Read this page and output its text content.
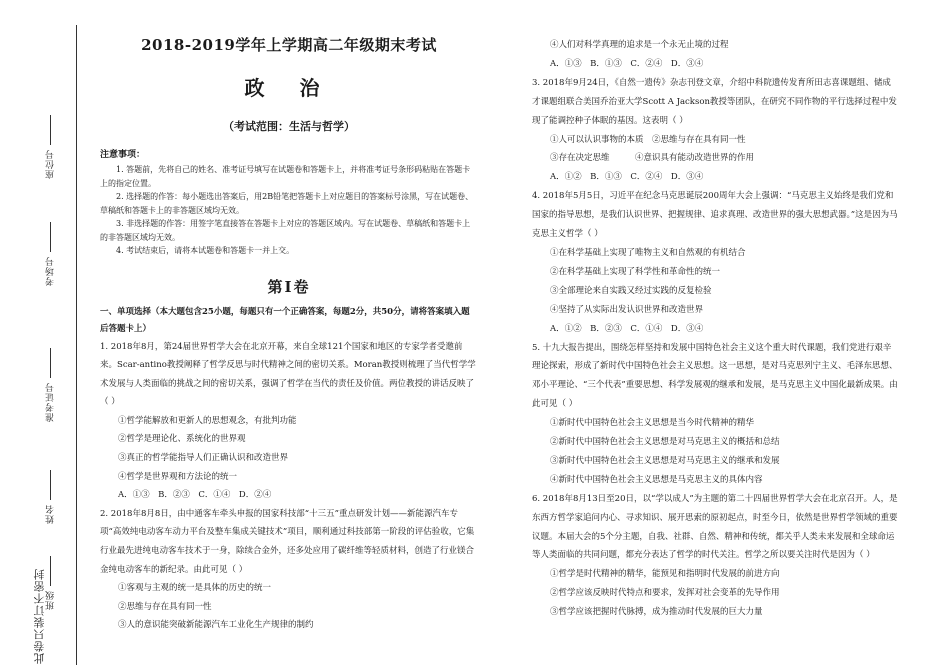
座位号
考场号
准考证号
姓名
班级
此卷只装订不密封
2018-2019学年上学期高二年级期末考试
政 治
（考试范围：生活与哲学）
注意事项：

1. 答题前，先将自己的姓名、准考证号填写在试题卷和答题卡上，并将准考证号条形码粘贴在答题卡上的指定位置。

2. 选择题的作答：每小题选出答案后，用2B铅笔把答题卡上对应题目的答案标号涂黑，写在试题卷、草稿纸和答题卡上的非答题区域均无效。

3. 非选择题的作答：用签字笔直接答在答题卡上对应的答题区域内。写在试题卷、草稿纸和答题卡上的非答题区域均无效。

4. 考试结束后，请将本试题卷和答题卡一并上交。

第Ⅰ卷
一、单项选择（本大题包含25小题，每题只有一个正确答案，每题2分，共50分，请将答案填入题后答题卡上）

1. 2018年8月，第24届世界哲学大会在北京开幕，来自全球121个国家和地区的专家学者受邀前来。Scar-antino教授阐释了哲学反思与时代精神之间的密切关系。Moran教授则梳理了当代哲学学术发展与人类面临的挑战之间的密切关系，强调了哲学在当代的责任及价值。两位教授的讲话反映了（ ）

①哲学能解放和更新人的思想观念，有批判功能
②哲学是理论化、系统化的世界观
③真正的哲学能指导人们正确认识和改造世界
④哲学是世界观和方法论的统一
A．①③　B．②③　C．①④　D．②④

2. 2018年8月8日，由中通客车牵头申报的国家科技部“十三五”重点研发计划——新能源汽车专项“高效纯电动客车动力平台及整车集成关键技术”项目，顺利通过科技部第一阶段的评估验收，它集行业最先进纯电动客车技术于一身，除续合金外，还多处应用了碳纤维等轻质材料，创造了行业镁合金纯电动客车的新纪录。由此可见（ ）

①客观与主观的统一是具体的历史的统一
②思维与存在具有同一性
③人的意识能突破新能源汽车工业化生产规律的制约
④人们对科学真理的追求是一个永无止境的过程
A．①③　B．①③　C．②④　D．③④

3. 2018年9月24日，《自然一遗传》杂志刊登文章，介绍中科院遗传发育所田志喜课题组、储成才课题组联合美国乔治亚大学Scott A Jackson教授等团队，在研究不同作物的平行选择过程中发现了能调控种子体眠的基因。这表明（ ）

①人可以认识事物的本质　②思维与存在具有同一性
③存在决定思维　　　④意识具有能动改造世界的作用
A．①②　B．①③　C．②④　D．③④

4. 2018年5月5日，习近平在纪念马克思诞辰200周年大会上强调：“马克思主义始终是我们党和国家的指导思想，是我们认识世界、把握规律、追求真理、改造世界的强大思想武器。”这是因为马克思主义哲学（ ）

①在科学基础上实现了唯物主义和自然观的有机结合
②在科学基础上实现了科学性和革命性的统一
③全部理论来自实践又经过实践的反复检验
④坚持了从实际出发认识世界和改造世界
A．①②　B．②③　C．①④　D．③④

5. 十九大报告提出，围绕怎样坚持和发展中国特色社会主义这个重大时代课题，我们党进行艰辛理论探索，形成了新时代中国特色社会主义思想。这一思想，是对马克思列宁主义、毛泽东思想、邓小平理论、“三个代表”重要思想、科学发展观的继承和发展，是马克思主义中国化最新成果。由此可见（ ）

①新时代中国特色社会主义思想是当今时代精神的精华
②新时代中国特色社会主义思想是对马克思主义的概括和总结
③新时代中国特色社会主义思想是对马克思主义的继承和发展
④新时代中国特色社会主义思想是马克思主义的具体内容

6. 2018年8月13日至20日，以“学以成人”为主题的第二十四届世界哲学大会在北京召开。人，是东西方哲学家追问内心、寻求知识、展开思索的原初起点，时至今日，依然是世界哲学领域的重要议题。本届大会的5个分主题，自我、社群、自然、精神和传统，都关乎人类未来发展和全球命运等人类面临的共同问题，都充分表达了哲学的时代关注。哲学之所以要关注时代是因为（ ）

①哲学是时代精神的精华，能预见和指明时代发展的前进方向
②哲学应该反映时代特点和要求，发挥对社会变革的先导作用
③哲学应该把握时代脉搏，成为推动时代发展的巨大力量
